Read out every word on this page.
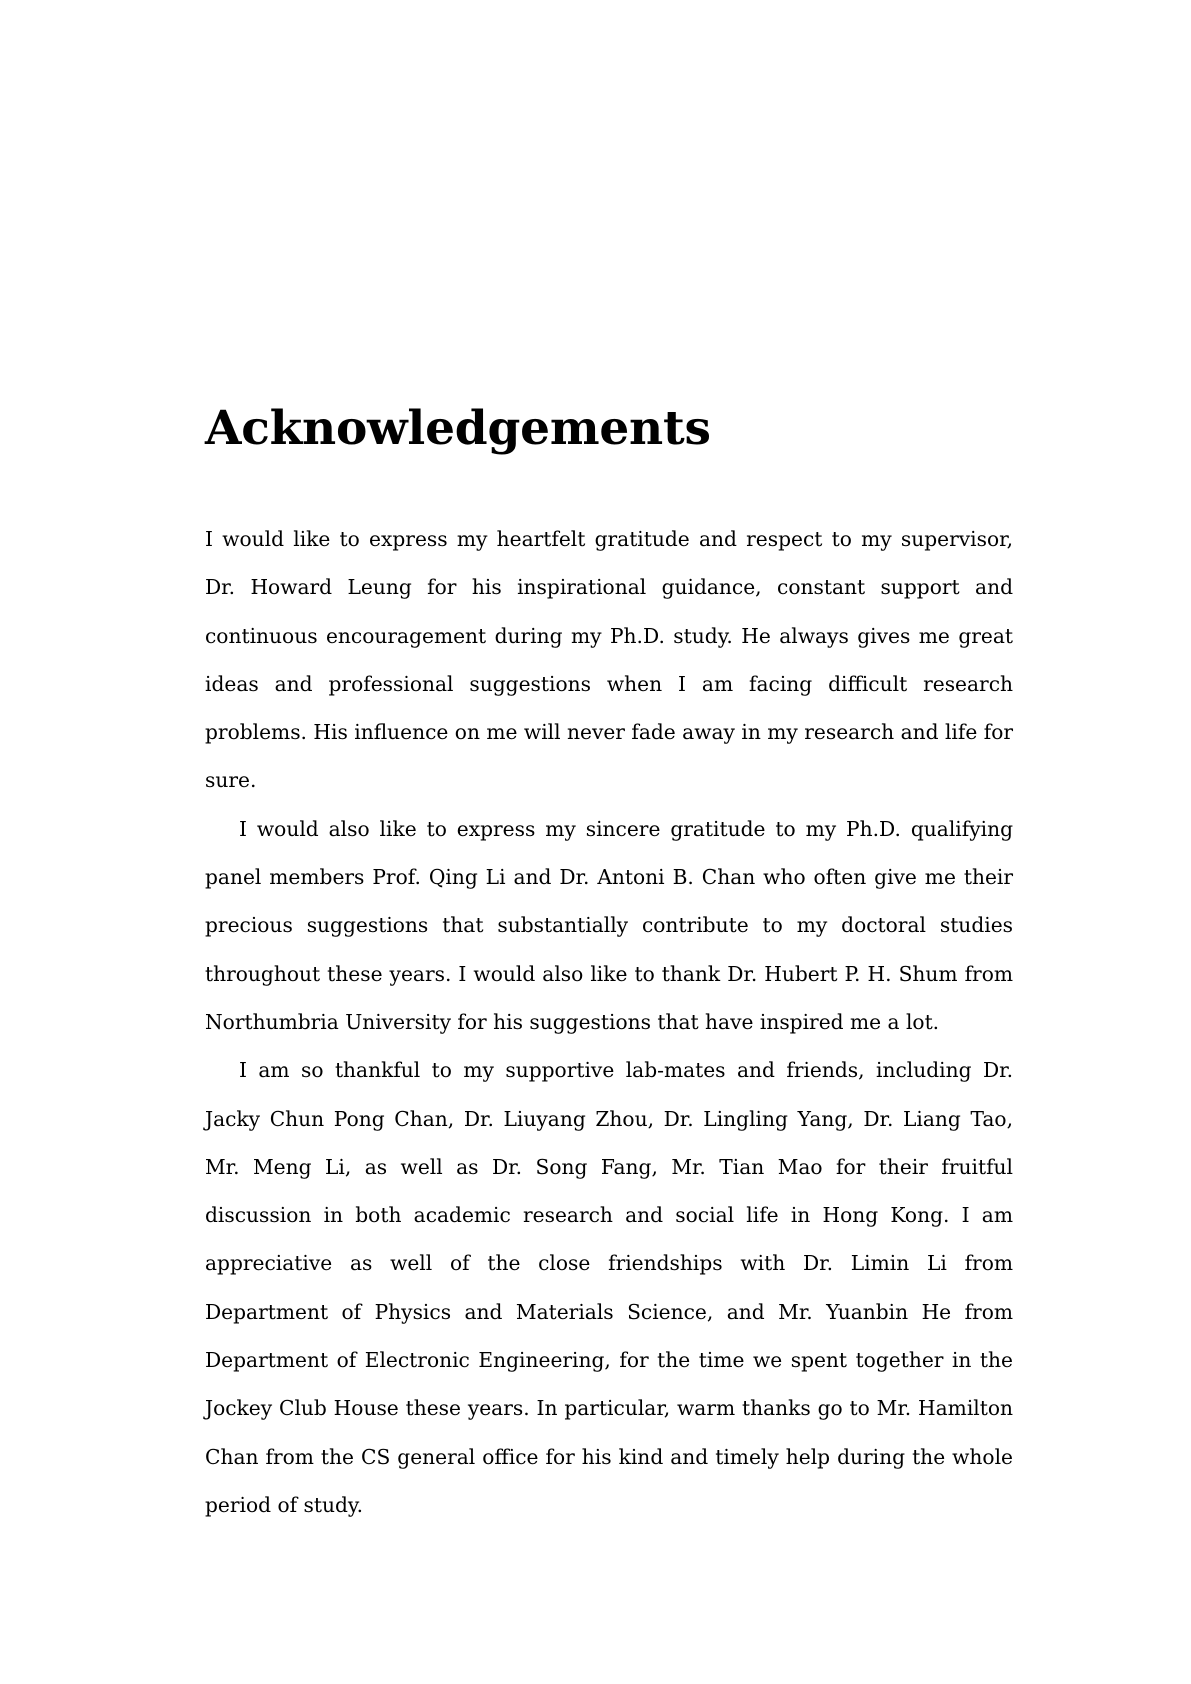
Acknowledgements

I would like to express my heartfelt gratitude and respect to my supervisor, Dr. Howard Leung for his inspirational guidance, constant support and continuous encouragement during my Ph.D. study. He always gives me great ideas and professional suggestions when I am facing difficult research problems. His influence on me will never fade away in my research and life for sure.

I would also like to express my sincere gratitude to my Ph.D. qualifying panel members Prof. Qing Li and Dr. Antoni B. Chan who often give me their precious suggestions that substantially contribute to my doctoral studies throughout these years. I would also like to thank Dr. Hubert P. H. Shum from Northumbria University for his suggestions that have inspired me a lot.

I am so thankful to my supportive lab-mates and friends, including Dr. Jacky Chun Pong Chan, Dr. Liuyang Zhou, Dr. Lingling Yang, Dr. Liang Tao, Mr. Meng Li, as well as Dr. Song Fang, Mr. Tian Mao for their fruitful discussion in both academic research and social life in Hong Kong. I am appreciative as well of the close friendships with Dr. Limin Li from Department of Physics and Materials Science, and Mr. Yuanbin He from Department of Electronic Engineering, for the time we spent together in the Jockey Club House these years. In particular, warm thanks go to Mr. Hamilton Chan from the CS general office for his kind and timely help during the whole period of study.
